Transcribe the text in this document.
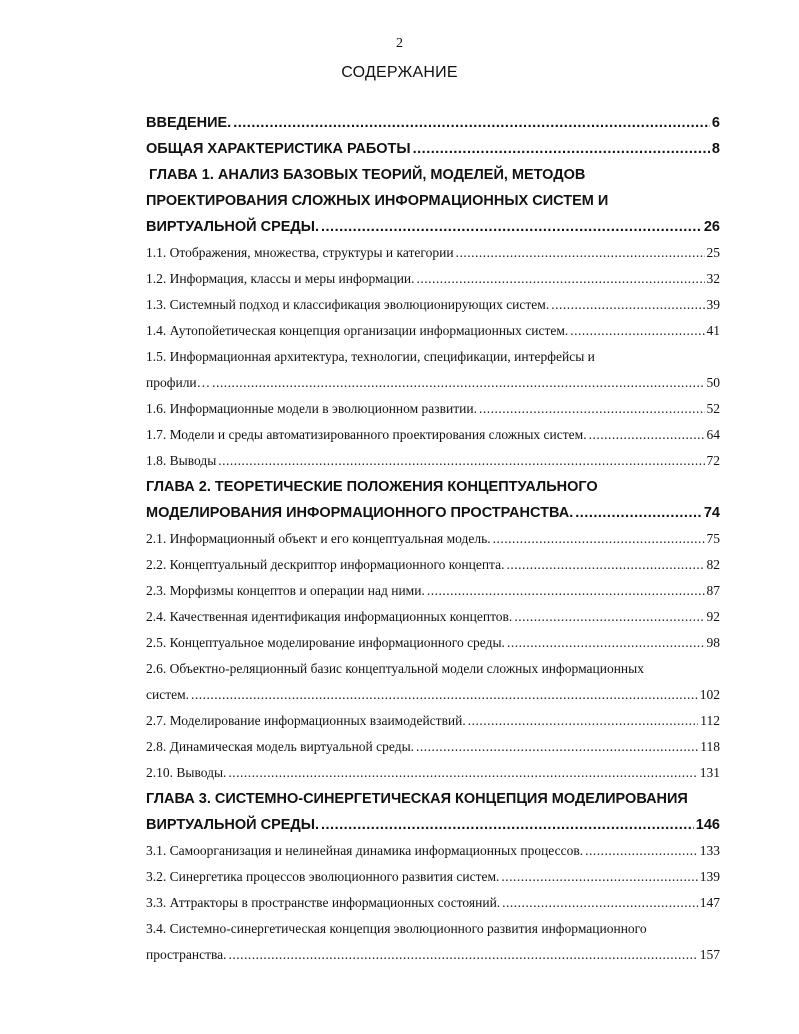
2
СОДЕРЖАНИЕ
ВВЕДЕНИЕ. .....	6
ОБЩАЯ ХАРАКТЕРИСТИКА РАБОТЫ .....	8
ГЛАВА 1. АНАЛИЗ БАЗОВЫХ ТЕОРИЙ, МОДЕЛЕЙ, МЕТОДОВ
ПРОЕКТИРОВАНИЯ СЛОЖНЫХ ИНФОРМАЦИОННЫХ СИСТЕМ И
ВИРТУАЛЬНОЙ СРЕДЫ. .....	26
1.1. Отображения, множества, структуры и категории .....	25
1.2. Информация, классы и меры информации. .....	32
1.3. Системный подход и классификация эволюционирующих систем. .....	39
1.4. Аутопойетическая концепция организации информационных систем. .....	41
1.5. Информационная архитектура, технологии, спецификации, интерфейсы и
профили… .....	50
1.6. Информационные модели в эволюционном развитии. .....	52
1.7. Модели и среды автоматизированного проектирования сложных систем. .....	64
1.8. Выводы .....	72
ГЛАВА 2. ТЕОРЕТИЧЕСКИЕ ПОЛОЖЕНИЯ КОНЦЕПТУАЛЬНОГО
МОДЕЛИРОВАНИЯ ИНФОРМАЦИОННОГО ПРОСТРАНСТВА. .....	74
2.1. Информационный объект и его концептуальная модель. .....	75
2.2. Концептуальный дескриптор информационного концепта. .....	82
2.3. Морфизмы концептов и операции над ними. .....	87
2.4. Качественная идентификация информационных концептов. .....	92
2.5. Концептуальное моделирование информационного среды. .....	98
2.6. Объектно-реляционный базис концептуальной модели сложных информационных
систем. .....	102
2.7. Моделирование информационных взаимодействий. .....	112
2.8. Динамическая модель виртуальной среды. .....	118
2.10. Выводы. .....	131
ГЛАВА 3. СИСТЕМНО-СИНЕРГЕТИЧЕСКАЯ КОНЦЕПЦИЯ МОДЕЛИРОВАНИЯ
ВИРТУАЛЬНОЙ СРЕДЫ. .....	146
3.1. Самоорганизация и нелинейная динамика информационных процессов. .....	133
3.2. Синергетика процессов эволюционного развития систем. .....	139
3.3. Аттракторы в пространстве информационных состояний. .....	147
3.4. Системно-синергетическая концепция эволюционного развития информационного
пространства. .....	157
